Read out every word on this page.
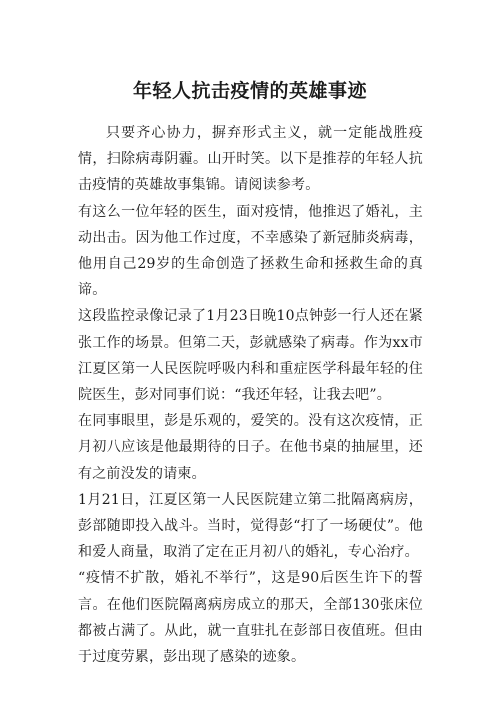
年轻人抗击疫情的英雄事迹

只要齐心协力，摒弃形式主义，就一定能战胜疫情，扫除病毒阴霾。山开时笑。以下是推荐的年轻人抗击疫情的英雄故事集锦。请阅读参考。

有这么一位年轻的医生，面对疫情，他推迟了婚礼，主动出击。因为他工作过度，不幸感染了新冠肺炎病毒，他用自己29岁的生命创造了拯救生命和拯救生命的真谛。

这段监控录像记录了1月23日晚10点钟彭一行人还在紧张工作的场景。但第二天，彭就感染了病毒。作为xx市江夏区第一人民医院呼吸内科和重症医学科最年轻的住院医生，彭对同事们说：“我还年轻，让我去吧”。

在同事眼里，彭是乐观的，爱笑的。没有这次疫情，正月初八应该是他最期待的日子。在他书桌的抽屉里，还有之前没发的请柬。

1月21日，江夏区第一人民医院建立第二批隔离病房，彭部随即投入战斗。当时，觉得彭“打了一场硬仗”。他和爱人商量，取消了定在正月初八的婚礼，专心治疗。

“疫情不扩散，婚礼不举行”，这是90后医生许下的誓言。在他们医院隔离病房成立的那天，全部130张床位都被占满了。从此，就一直驻扎在彭部日夜值班。但由于过度劳累，彭出现了感染的迹象。
